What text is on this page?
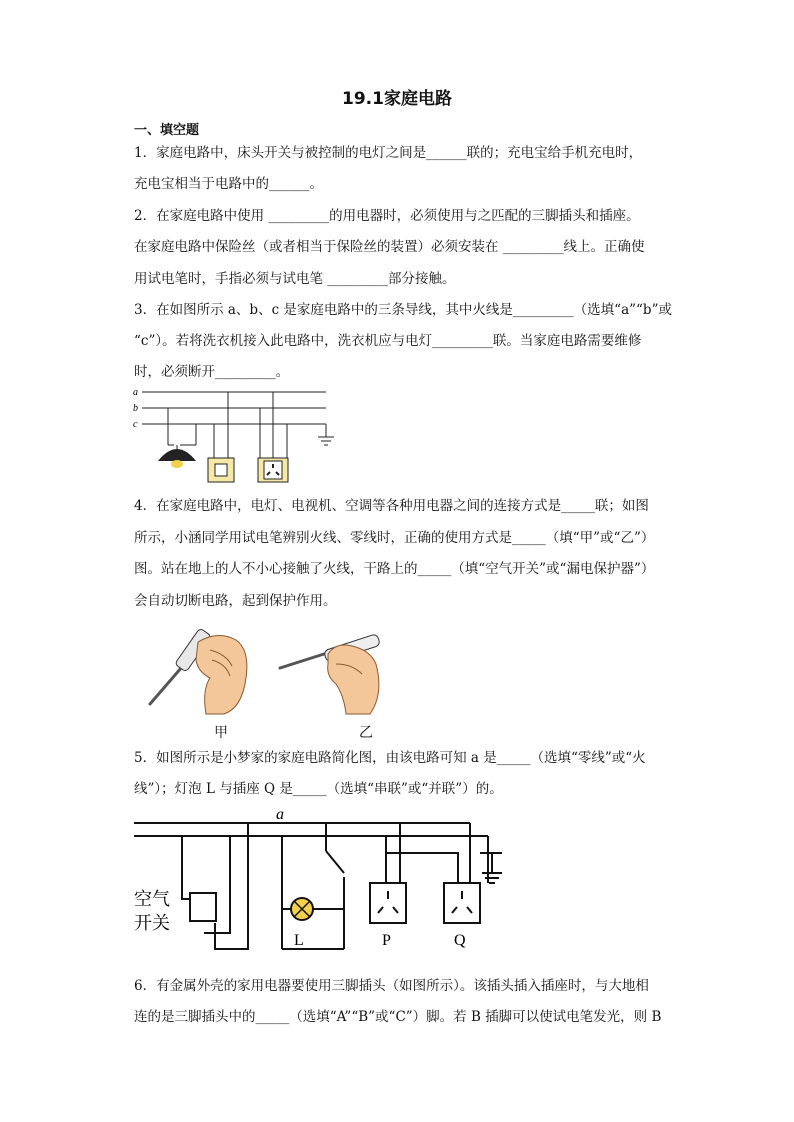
19.1家庭电路
一、填空题
1．家庭电路中，床头开关与被控制的电灯之间是______联的；充电宝给手机充电时，
充电宝相当于电路中的______。
2．在家庭电路中使用 _________的用电器时，必须使用与之匹配的三脚插头和插座。
在家庭电路中保险丝（或者相当于保险丝的装置）必须安装在 _________线上。正确使
用试电笔时，手指必须与试电笔 _________部分接触。
3．在如图所示 a、b、c 是家庭电路中的三条导线，其中火线是_________（选填“a”“b”或
“c”）。若将洗衣机接入此电路中，洗衣机应与电灯_________联。当家庭电路需要维修
时，必须断开_________。
a
b
c
4．在家庭电路中，电灯、电视机、空调等各种用电器之间的连接方式是_____联；如图
所示，小涵同学用试电笔辨别火线、零线时，正确的使用方式是_____（填“甲”或“乙”）
图。站在地上的人不小心接触了火线，干路上的_____（填“空气开关”或“漏电保护器”）
会自动切断电路，起到保护作用。
甲	乙
5．如图所示是小梦家的家庭电路简化图，由该电路可知 a 是_____（选填“零线”或“火
线”）；灯泡 L 与插座 Q 是_____（选填“串联”或“并联”）的。
a
空气
开关
L	P	Q
6．有金属外壳的家用电器要使用三脚插头（如图所示）。该插头插入插座时，与大地相
连的是三脚插头中的_____（选填“A”“B”或“C”）脚。若 B 插脚可以使试电笔发光，则 B
